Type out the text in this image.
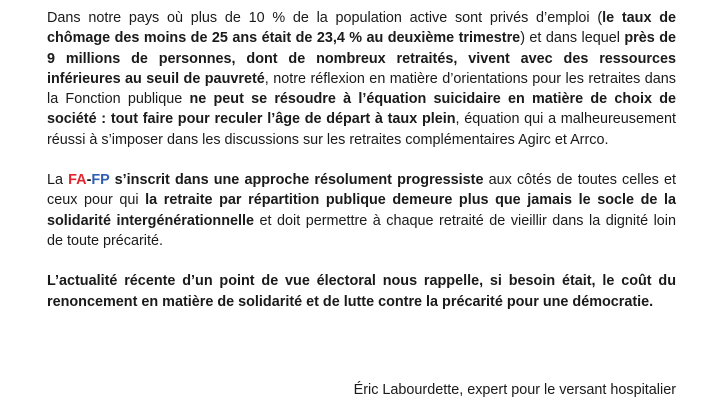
Dans notre pays où plus de 10 % de la population active sont privés d’emploi (le taux de chômage des moins de 25 ans était de 23,4 % au deuxième trimestre) et dans lequel près de 9 millions de personnes, dont de nombreux retraités, vivent avec des ressources inférieures au seuil de pauvreté, notre réflexion en matière d’orientations pour les retraites dans la Fonction publique ne peut se résoudre à l’équation suicidaire en matière de choix de société : tout faire pour reculer l’âge de départ à taux plein, équation qui a malheureusement réussi à s’imposer dans les discussions sur les retraites complémentaires Agirc et Arrco.

La FA-FP s’inscrit dans une approche résolument progressiste aux côtés de toutes celles et ceux pour qui la retraite par répartition publique demeure plus que jamais le socle de la solidarité intergénérationnelle et doit permettre à chaque retraité de vieillir dans la dignité loin de toute précarité.

L’actualité récente d’un point de vue électoral nous rappelle, si besoin était, le coût du renoncement en matière de solidarité et de lutte contre la précarité pour une démocratie.

Éric Labourdette, expert pour le versant hospitalier
